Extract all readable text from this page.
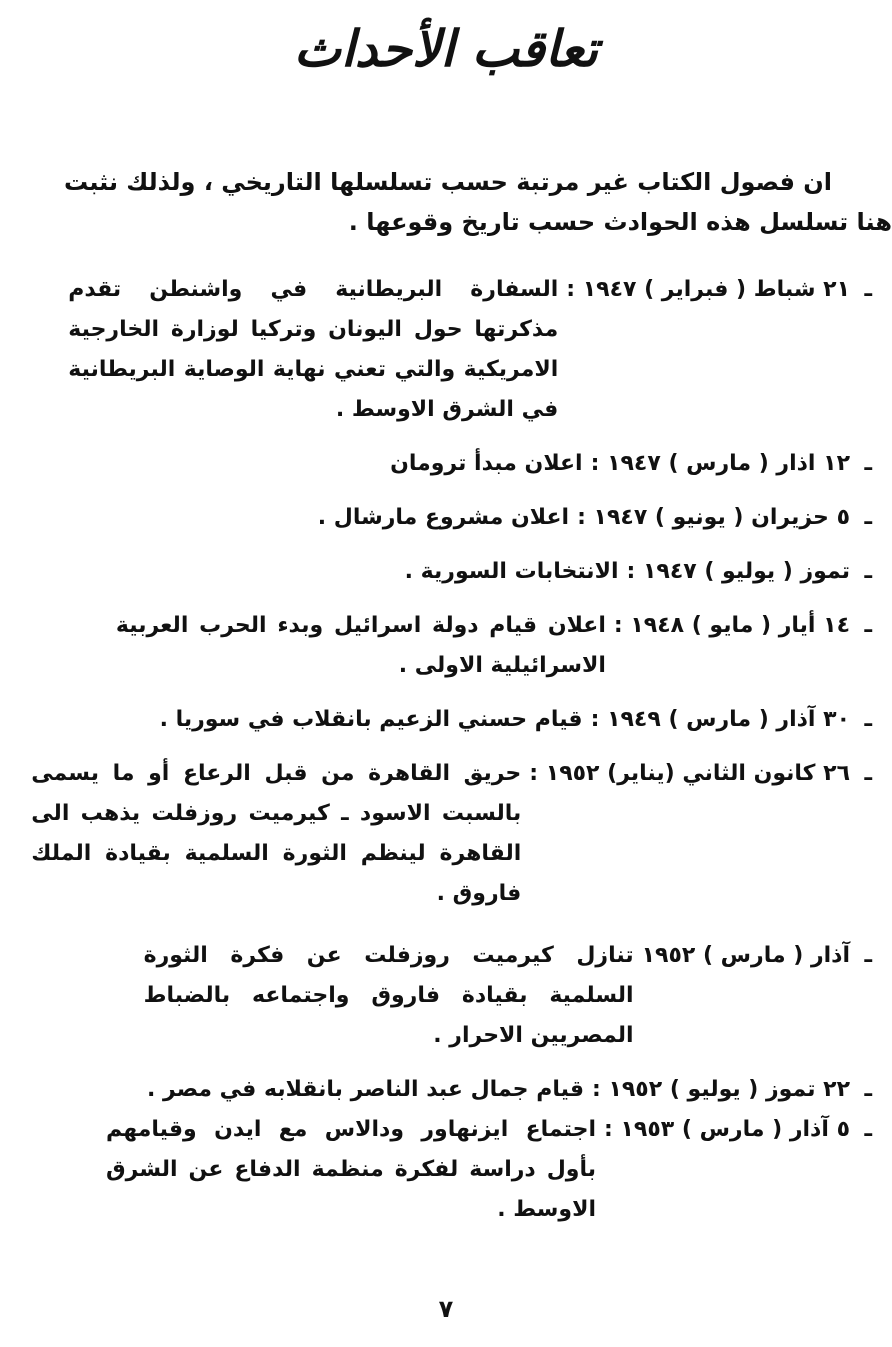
تعاقب الأحداث
ان فصول الكتاب غير مرتبة حسب تسلسلها التاريخي ، ولذلك نثبت
هنا تسلسل هذه الحوادث حسب تاريخ وقوعها .
ـ
٢١ شباط ( فبراير ) ١٩٤٧ :
السفارة البريطانية في واشنطن تقدم مذكرتها حول اليونان وتركيا لوزارة الخارجية الامريكية والتي تعني نهاية الوصاية البريطانية في الشرق الاوسط .
ـ
١٢ اذار ( مارس ) ١٩٤٧ :
اعلان مبدأ ترومان
ـ
٥ حزيران ( يونيو ) ١٩٤٧ :
اعلان مشروع مارشال .
ـ
تموز ( يوليو ) ١٩٤٧ :
الانتخابات السورية .
ـ
١٤ أيار ( مايو ) ١٩٤٨ :
اعلان قيام دولة اسرائيل وبدء الحرب العربية الاسرائيلية الاولى .
ـ
٣٠ آذار ( مارس ) ١٩٤٩ :
قيام حسني الزعيم بانقلاب في سوريا .
ـ
٢٦ كانون الثاني (يناير) ١٩٥٢ :
حريق القاهرة من قبل الرعاع أو ما يسمى بالسبت الاسود ـ كيرميت روزفلت يذهب الى القاهرة لينظم الثورة السلمية بقيادة الملك فاروق .
ـ
آذار ( مارس ) ١٩٥٢
تنازل كيرميت روزفلت عن فكرة الثورة السلمية بقيادة فاروق واجتماعه بالضباط المصريين الاحرار .
ـ
٢٢ تموز ( يوليو ) ١٩٥٢ :
قيام جمال عبد الناصر بانقلابه في مصر .
ـ
٥ آذار ( مارس ) ١٩٥٣ :
اجتماع ايزنهاور ودالاس مع ايدن وقيامهم بأول دراسة لفكرة منظمة الدفاع عن الشرق الاوسط .
٧
